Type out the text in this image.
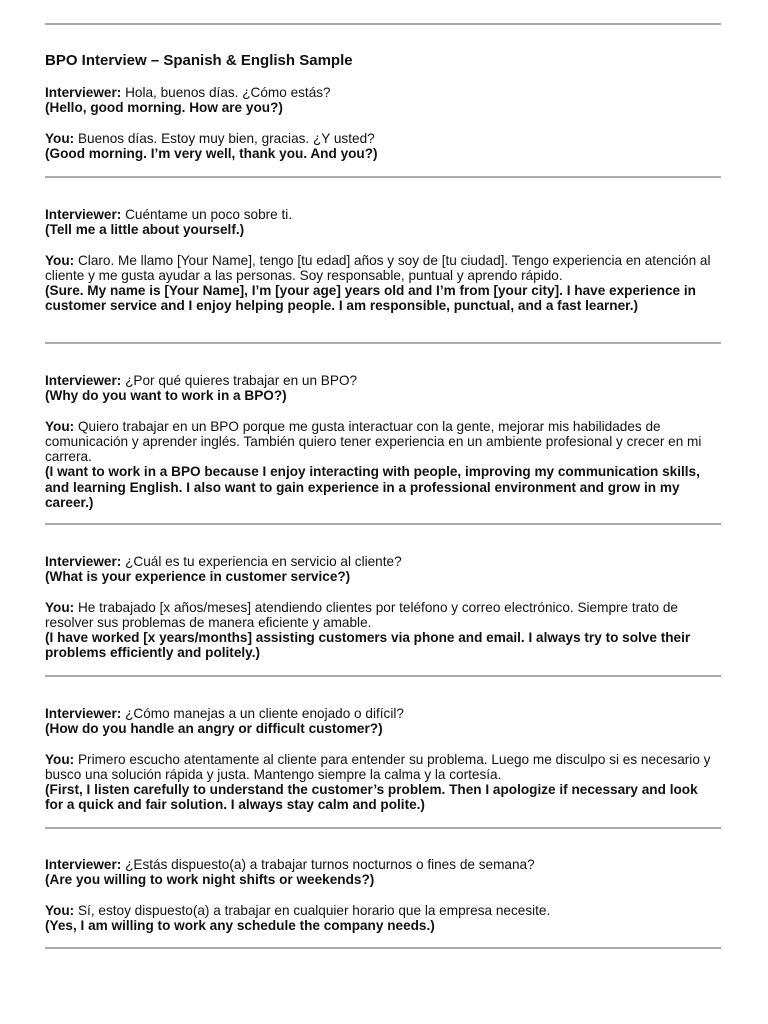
BPO Interview – Spanish & English Sample

Interviewer: Hola, buenos días. ¿Cómo estás?

(Hello, good morning. How are you?)

You: Buenos días. Estoy muy bien, gracias. ¿Y usted?

(Good morning. I’m very well, thank you. And you?)

Interviewer: Cuéntame un poco sobre ti.

(Tell me a little about yourself.)

You: Claro. Me llamo [Your Name], tengo [tu edad] años y soy de [tu ciudad]. Tengo experiencia en atención al cliente y me gusta ayudar a las personas. Soy responsable, puntual y aprendo rápido.

(Sure. My name is [Your Name], I’m [your age] years old and I’m from [your city]. I have experience in customer service and I enjoy helping people. I am responsible, punctual, and a fast learner.)

Interviewer: ¿Por qué quieres trabajar en un BPO?

(Why do you want to work in a BPO?)

You: Quiero trabajar en un BPO porque me gusta interactuar con la gente, mejorar mis habilidades de comunicación y aprender inglés. También quiero tener experiencia en un ambiente profesional y crecer en mi carrera.

(I want to work in a BPO because I enjoy interacting with people, improving my communication skills, and learning English. I also want to gain experience in a professional environment and grow in my career.)

Interviewer: ¿Cuál es tu experiencia en servicio al cliente?

(What is your experience in customer service?)

You: He trabajado [x años/meses] atendiendo clientes por teléfono y correo electrónico. Siempre trato de resolver sus problemas de manera eficiente y amable.

(I have worked [x years/months] assisting customers via phone and email. I always try to solve their problems efficiently and politely.)

Interviewer: ¿Cómo manejas a un cliente enojado o difícil?

(How do you handle an angry or difficult customer?)

You: Primero escucho atentamente al cliente para entender su problema. Luego me disculpo si es necesario y busco una solución rápida y justa. Mantengo siempre la calma y la cortesía.

(First, I listen carefully to understand the customer’s problem. Then I apologize if necessary and look for a quick and fair solution. I always stay calm and polite.)

Interviewer: ¿Estás dispuesto(a) a trabajar turnos nocturnos o fines de semana?

(Are you willing to work night shifts or weekends?)

You: Sí, estoy dispuesto(a) a trabajar en cualquier horario que la empresa necesite.

(Yes, I am willing to work any schedule the company needs.)
